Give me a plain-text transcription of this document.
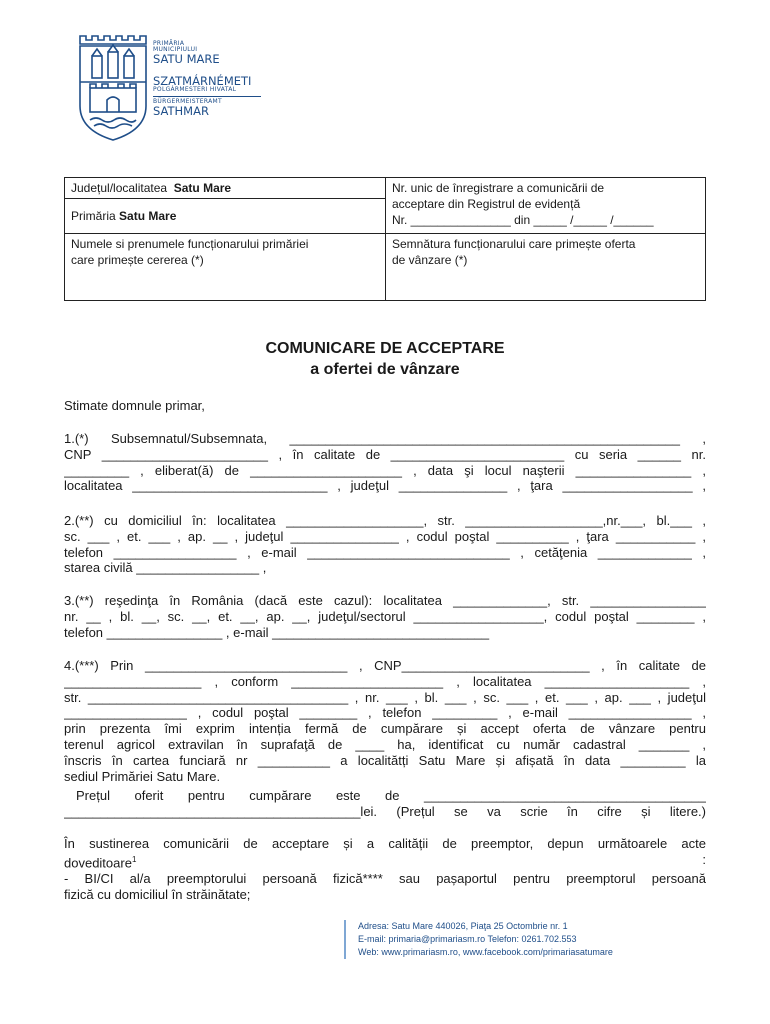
PRIMĂRIA
MUNICIPIULUI
SATU MARE
SZATMÁRNÉMETI
POLGÁRMESTERI HIVATAL
BÜRGERMEISTERAMT
SATHMAR
Județul/localitatea Satu Mare	Nr. unic de înregistrare a comunicării de
acceptare din Registrul de evidență
Nr. _______________ din _____ /_____ /______

Primăria Satu Mare	

Numele si prenumele funcționarului primăriei
care primește cererea (*)	Semnătura funcționarului care primește oferta
de vânzare (*)
COMUNICARE DE ACCEPTARE
a ofertei de vânzare
Stimate domnule primar,
1.(*) Subsemnatul/Subsemnata, ______________________________________________________ ,
CNP _______________________ , în calitate de ________________________ cu seria ______ nr.
_________ , eliberat(ă) de _____________________ , data şi locul naşterii ________________ ,
localitatea ___________________________ , judeţul _______________ , ţara __________________ ,
2.(**) cu domiciliul în: localitatea ___________________, str. ___________________,nr.___, bl.___ ,
sc. ___ , et. ___ , ap. __ , judeţul _______________ , codul poştal __________ , ţara ___________ ,
telefon _________________ , e-mail ____________________________ , cetăţenia _____________ ,
starea civilă _________________ ,
3.(**) reşedinţa în România (dacă este cazul): localitatea _____________, str. ________________
nr. __ , bl. __, sc. __, et. __, ap. __, judeţul/sectorul __________________, codul poştal ________ ,
telefon ________________ , e-mail ______________________________
4.(***) Prin ____________________________ , CNP__________________________ , în calitate de
___________________ , conform _____________________ , localitatea ____________________ ,
str. ____________________________________ , nr. ___ , bl. ___ , sc. ___ , et. ___ , ap. ___ , judeţul
_________________ , codul poştal ________ , telefon _________ , e-mail _________________ ,
prin prezenta îmi exprim intenția fermă de cumpărare și accept oferta de vânzare pentru
terenul agricol extravilan în suprafaţă de ____ ha, identificat cu număr cadastral _______ ,
înscris în cartea funciară nr __________ a localitătți Satu Mare și afișată în data _________ la
sediul Primăriei Satu Mare.
Prețul oferit pentru cumpărare este de _______________________________________
_________________________________________lei. (Prețul se va scrie în cifre și litere.)
În sustinerea comunicării de acceptare și a calității de preemptor, depun următoarele acte
doveditoare$^1$	:
- BI/CI al/a preemptorului persoană fizică**** sau pașaportul pentru preemptorul persoană
fizică cu domiciliul în străinătate;
Adresa: Satu Mare 440026, Piaţa 25 Octombrie nr. 1
E-mail: primaria@primariasm.ro Telefon: 0261.702.553
Web: www.primariasm.ro, www.facebook.com/primariasatumare
